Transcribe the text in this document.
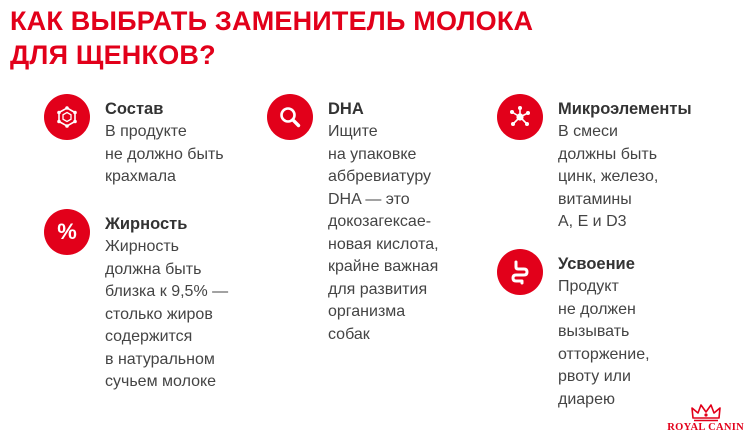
КАК ВЫБРАТЬ ЗАМЕНИТЕЛЬ МОЛОКА
ДЛЯ ЩЕНКОВ?
Состав

В продукте
не должно быть
крахмала

% Жирность

Жирность
должна быть
близка к 9,5% —
столько жиров
содержится
в натуральном
сучьем молоке

DHA

Ищите
на упаковке
аббревиатуру
DHA — это
докозагексае-
новая кислота,
крайне важная
для развития
организма
собак

Микроэлементы

В смеси
должны быть
цинк, железо,
витамины
А, Е и D3

Усвоение

Продукт
не должен
вызывать
отторжение,
рвоту или
диарею

ROYAL CANIN
